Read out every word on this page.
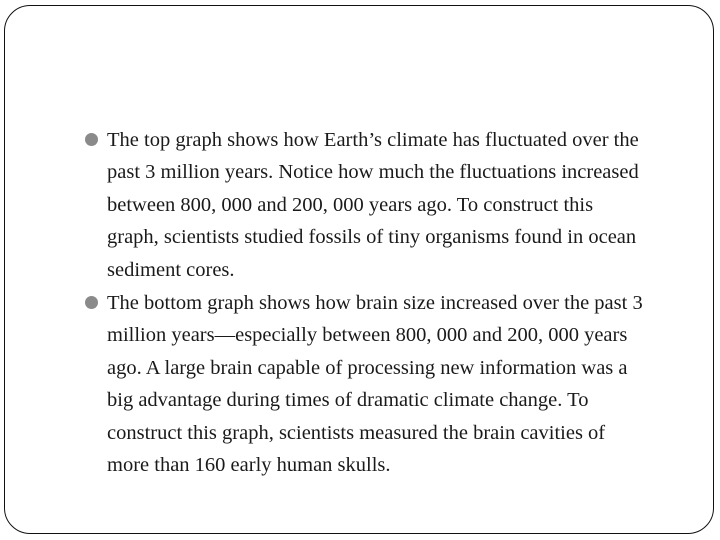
The top graph shows how Earth’s climate has fluctuated over the past 3 million years. Notice how much the fluctuations increased between 800, 000 and 200, 000 years ago. To construct this graph, scientists studied fossils of tiny organisms found in ocean sediment cores.
The bottom graph shows how brain size increased over the past 3 million years—especially between 800, 000 and 200, 000 years ago. A large brain capable of processing new information was a big advantage during times of dramatic climate change. To construct this graph, scientists measured the brain cavities of more than 160 early human skulls.
